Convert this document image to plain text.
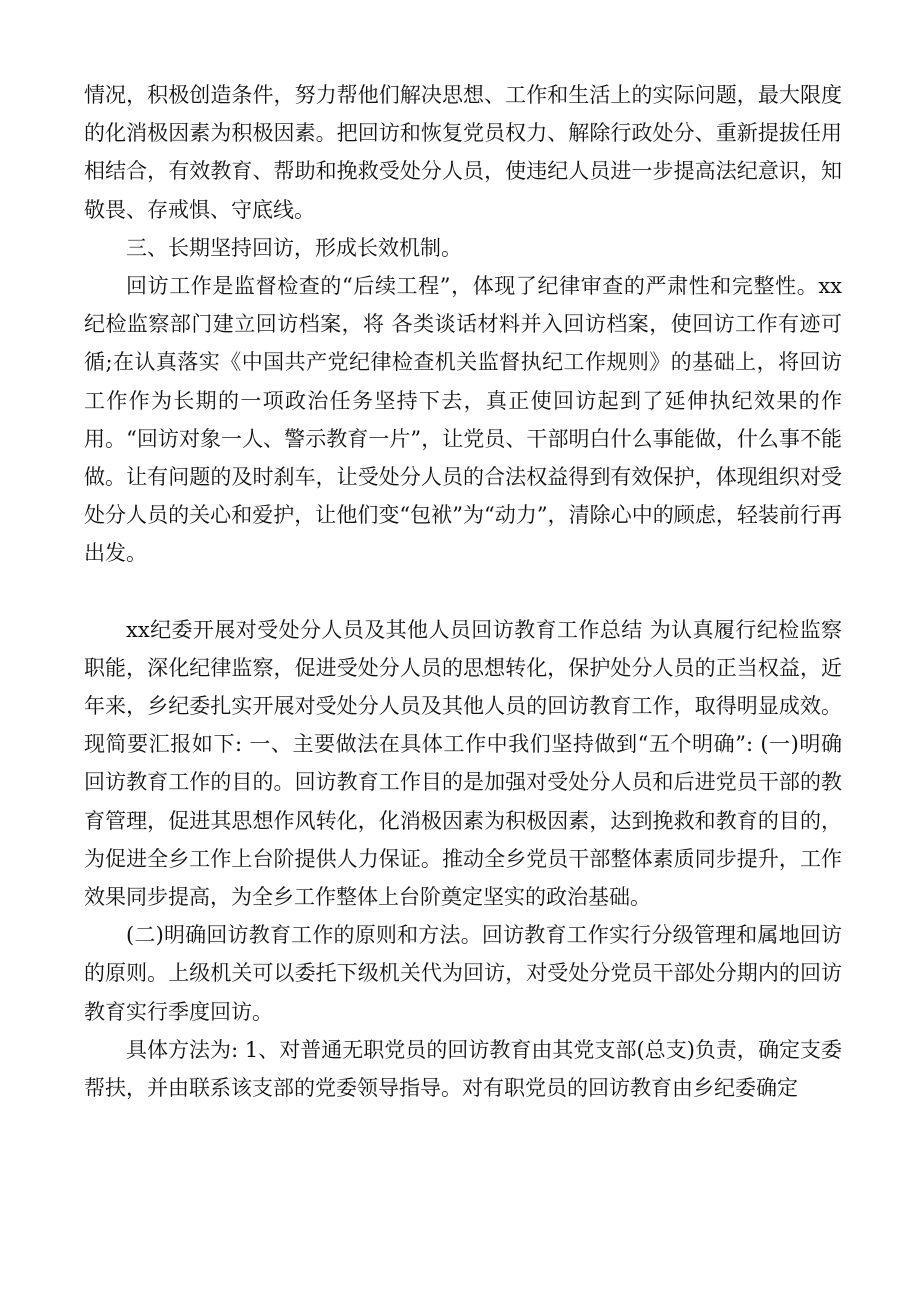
情况，积极创造条件，努力帮他们解决思想、工作和生活上的实际问题，最大限度的化消极因素为积极因素。把回访和恢复党员权力、解除行政处分、重新提拔任用相结合，有效教育、帮助和挽救受处分人员，使违纪人员进一步提高法纪意识，知敬畏、存戒惧、守底线。

三、长期坚持回访，形成长效机制。

回访工作是监督检查的“后续工程”，体现了纪律审查的严肃性和完整性。xx纪检监察部门建立回访档案，将 各类谈话材料并入回访档案，使回访工作有迹可循;在认真落实《中国共产党纪律检查机关监督执纪工作规则》的基础上，将回访工作作为长期的一项政治任务坚持下去，真正使回访起到了延伸执纪效果的作用。“回访对象一人、警示教育一片”，让党员、干部明白什么事能做，什么事不能做。让有问题的及时刹车，让受处分人员的合法权益得到有效保护，体现组织对受处分人员的关心和爱护，让他们变“包袱”为“动力”，清除心中的顾虑，轻装前行再出发。

xx纪委开展对受处分人员及其他人员回访教育工作总结 为认真履行纪检监察职能，深化纪律监察，促进受处分人员的思想转化，保护处分人员的正当权益，近年来，乡纪委扎实开展对受处分人员及其他人员的回访教育工作，取得明显成效。现简要汇报如下: 一、主要做法在具体工作中我们坚持做到“五个明确”: (一)明确回访教育工作的目的。回访教育工作目的是加强对受处分人员和后进党员干部的教育管理，促进其思想作风转化，化消极因素为积极因素，达到挽救和教育的目的，为促进全乡工作上台阶提供人力保证。推动全乡党员干部整体素质同步提升，工作效果同步提高，为全乡工作整体上台阶奠定坚实的政治基础。

(二)明确回访教育工作的原则和方法。回访教育工作实行分级管理和属地回访的原则。上级机关可以委托下级机关代为回访，对受处分党员干部处分期内的回访教育实行季度回访。

具体方法为: 1、对普通无职党员的回访教育由其党支部(总支)负责，确定支委帮扶，并由联系该支部的党委领导指导。对有职党员的回访教育由乡纪委确定
